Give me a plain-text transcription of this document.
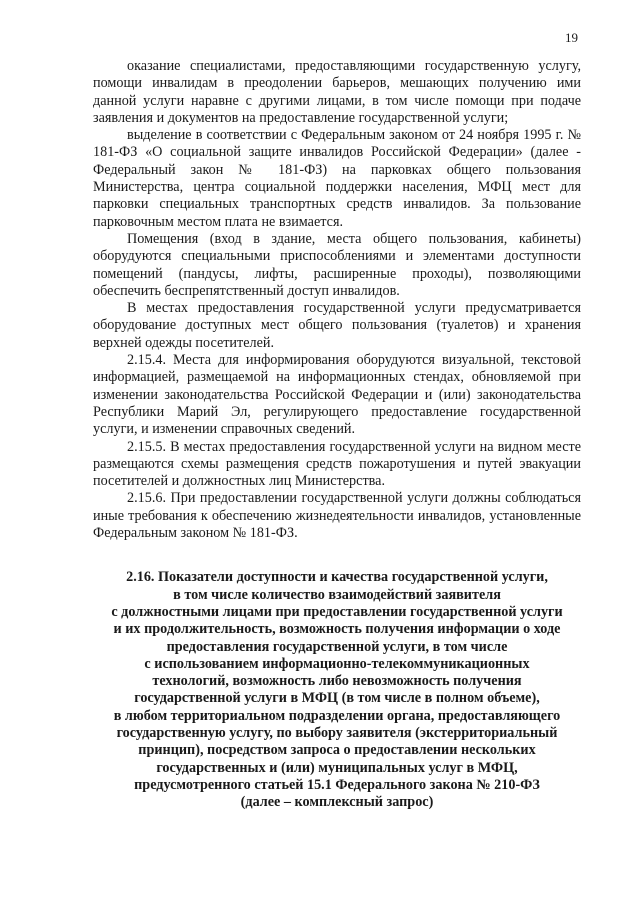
19

оказание специалистами, предоставляющими государственную услугу, помощи инвалидам в преодолении барьеров, мешающих получению ими данной услуги наравне с другими лицами, в том числе помощи при подаче заявления и документов на предоставление государственной услуги;

выделение в соответствии с Федеральным законом от 24 ноября 1995 г. № 181-ФЗ «О социальной защите инвалидов Российской Федерации» (далее - Федеральный закон № 181-ФЗ) на парковках общего пользования Министерства, центра социальной поддержки населения, МФЦ мест для парковки специальных транспортных средств инвалидов. За пользование парковочным местом плата не взимается.

Помещения (вход в здание, места общего пользования, кабинеты) оборудуются специальными приспособлениями и элементами доступности помещений (пандусы, лифты, расширенные проходы), позволяющими обеспечить беспрепятственный доступ инвалидов.

В местах предоставления государственной услуги предусматривается оборудование доступных мест общего пользования (туалетов) и хранения верхней одежды посетителей.

2.15.4. Места для информирования оборудуются визуальной, текстовой информацией, размещаемой на информационных стендах, обновляемой при изменении законодательства Российской Федерации и (или) законодательства Республики Марий Эл, регулирующего предоставление государственной услуги, и изменении справочных сведений.

2.15.5. В местах предоставления государственной услуги на видном месте размещаются схемы размещения средств пожаротушения и путей эвакуации посетителей и должностных лиц Министерства.

2.15.6. При предоставлении государственной услуги должны соблюдаться иные требования к обеспечению жизнедеятельности инвалидов, установленные Федеральным законом № 181-ФЗ.

2.16. Показатели доступности и качества государственной услуги,
в том числе количество взаимодействий заявителя
с должностными лицами при предоставлении государственной услуги
и их продолжительность, возможность получения информации о ходе
предоставления государственной услуги, в том числе
с использованием информационно-телекоммуникационных
технологий, возможность либо невозможность получения
государственной услуги в МФЦ (в том числе в полном объеме),
в любом территориальном подразделении органа, предоставляющего
государственную услугу, по выбору заявителя (экстерриториальный
принцип), посредством запроса о предоставлении нескольких
государственных и (или) муниципальных услуг в МФЦ,
предусмотренного статьей 15.1 Федерального закона № 210-ФЗ
(далее – комплексный запрос)
